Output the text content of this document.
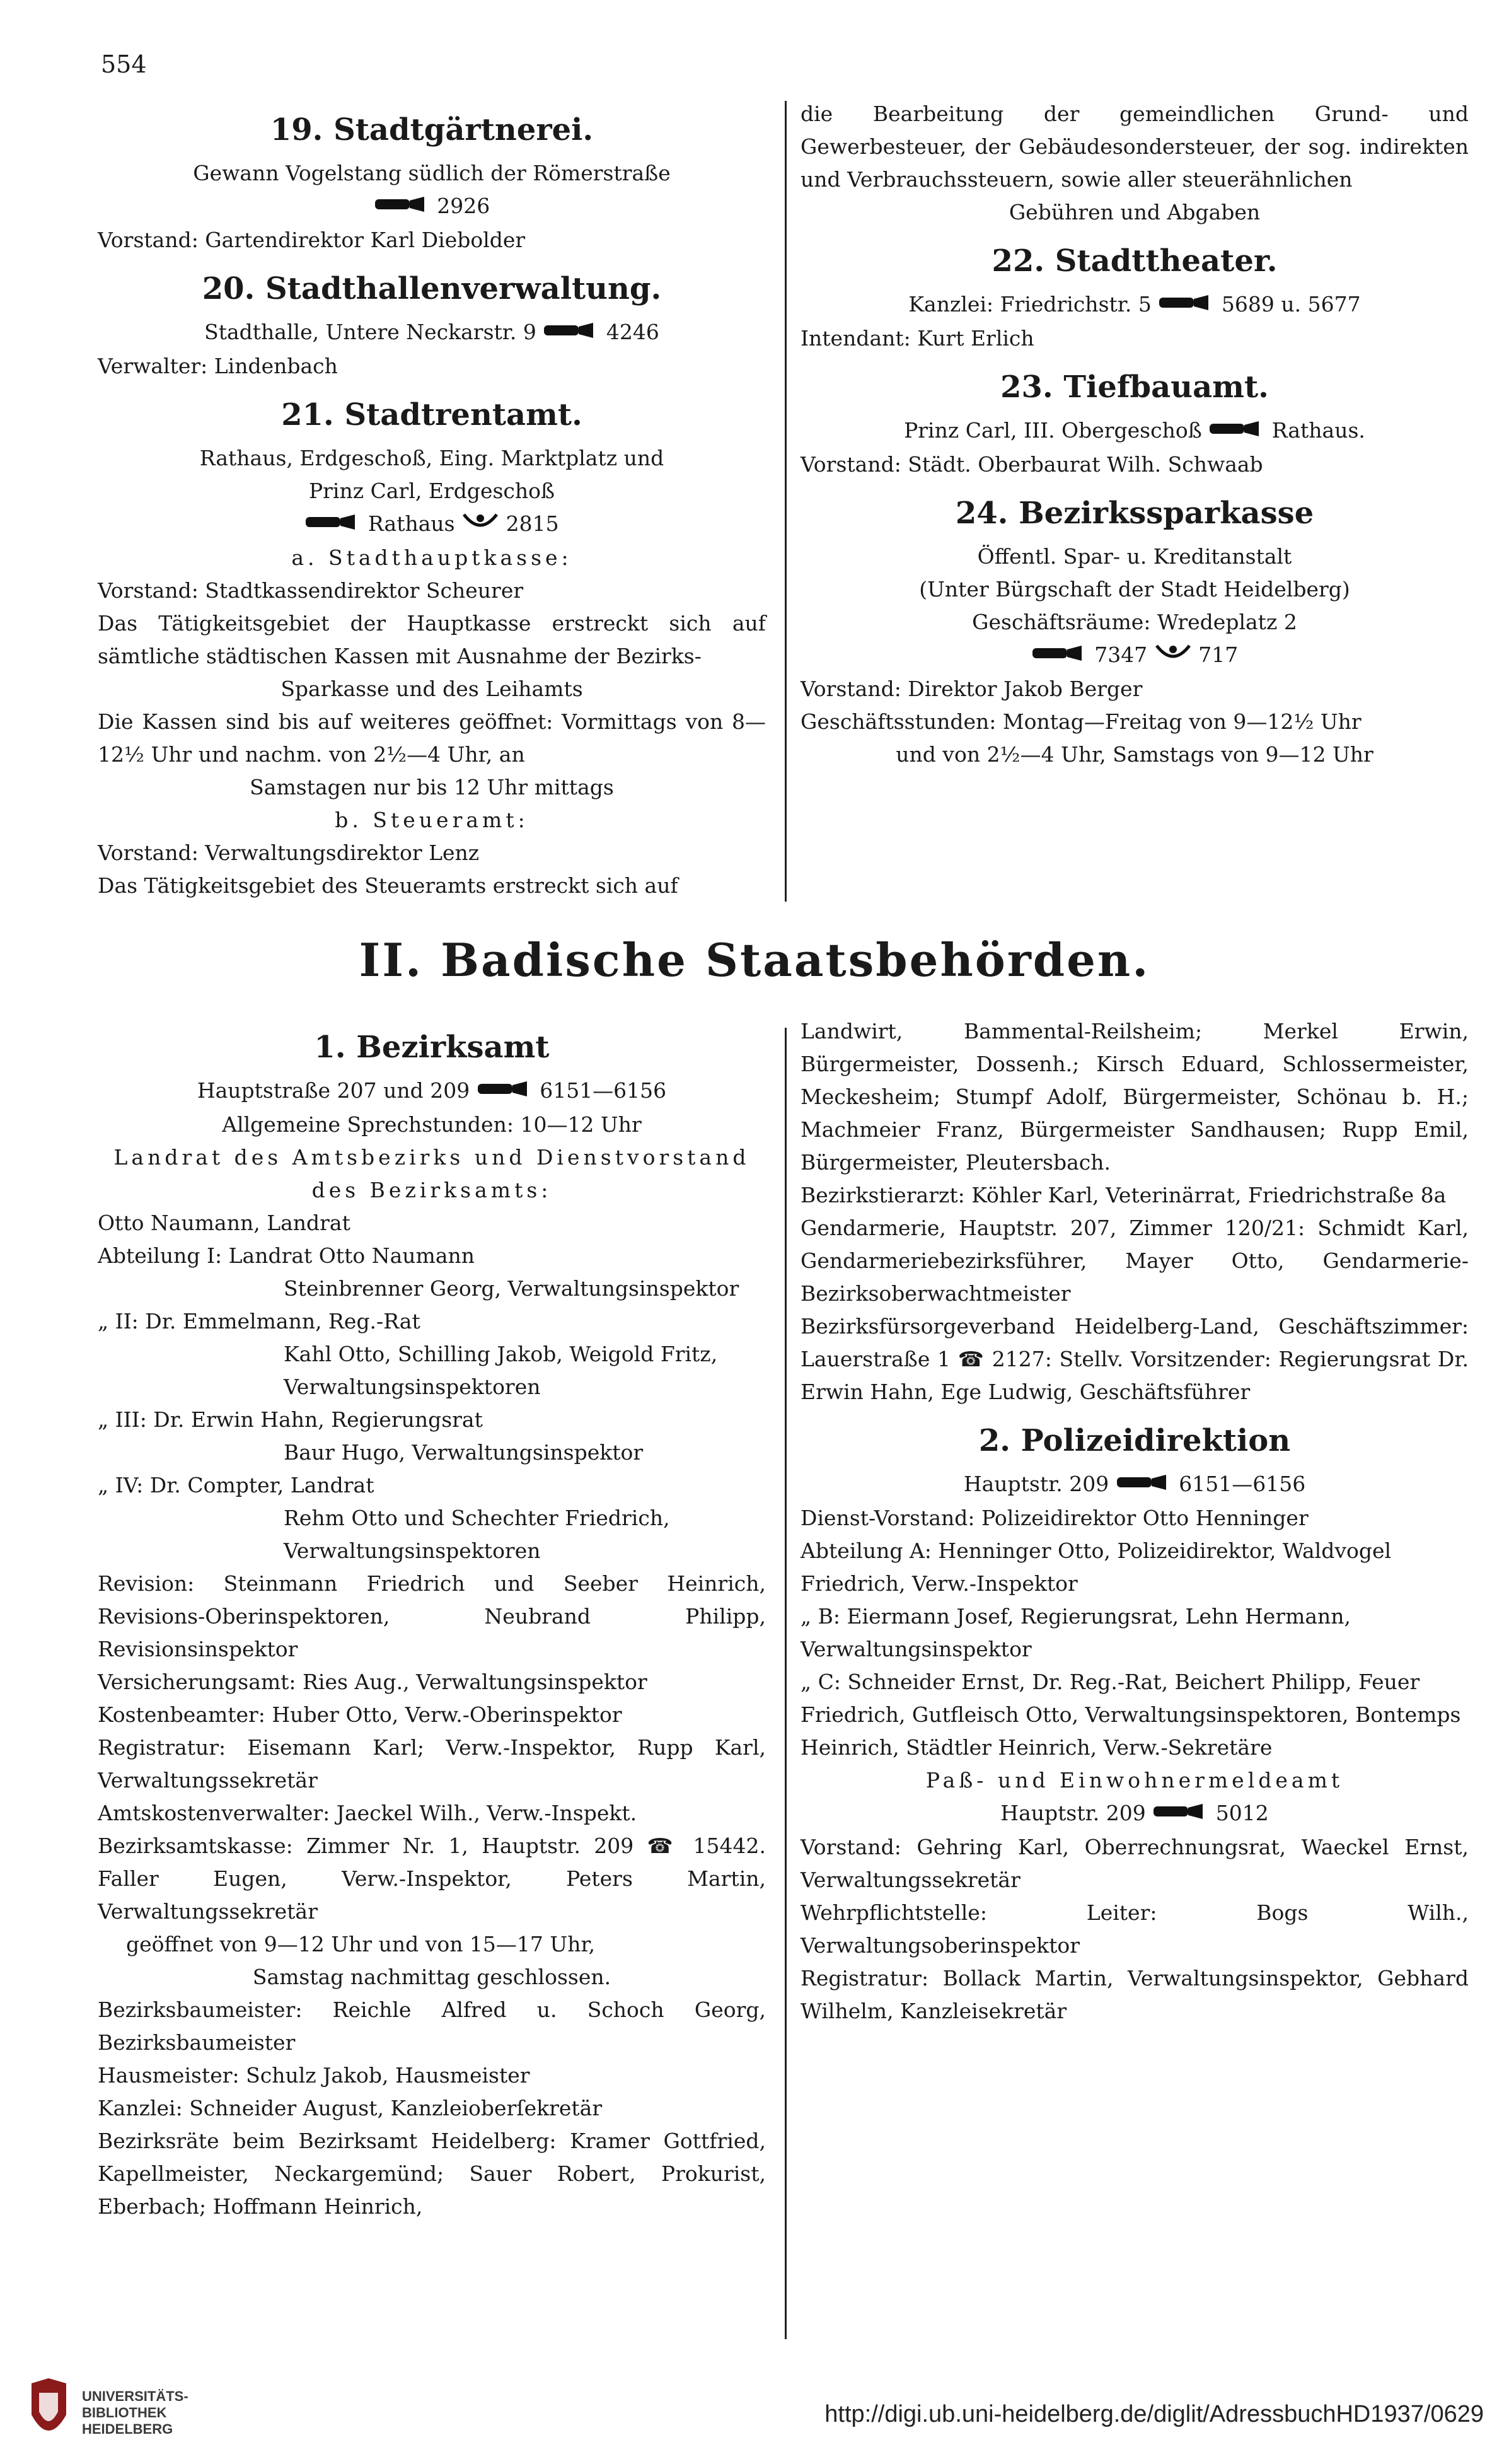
554
19. Stadtgärtnerei.
Gewann Vogelstang südlich der Römerstraße
2926
Vorstand: Gartendirektor Karl Diebolder
20. Stadthallenverwaltung.
Stadthalle, Untere Neckarstr. 9	4246
Verwalter: Lindenbach
21. Stadtrentamt.
Rathaus, Erdgeschoß, Eing. Marktplatz und
Prinz Carl, Erdgeschoß
Rathaus 2815
a. Stadthauptkasse:
Vorstand: Stadtkassendirektor Scheurer
Das Tätigkeitsgebiet der Hauptkasse erstreckt sich auf sämtliche städtischen Kassen mit Ausnahme der Bezirks-
Sparkasse und des Leihamts
Die Kassen sind bis auf weiteres geöffnet: Vormittags von 8—12½ Uhr und nachm. von 2½—4 Uhr, an
Samstagen nur bis 12 Uhr mittags
b. Steueramt:
Vorstand: Verwaltungsdirektor Lenz
Das Tätigkeitsgebiet des Steueramts erstreckt sich auf
die Bearbeitung der gemeindlichen Grund- und Gewerbesteuer, der Gebäudesondersteuer, der sog. indirekten und Verbrauchssteuern, sowie aller steuerähnlichen
Gebühren und Abgaben
22. Stadttheater.
Kanzlei: Friedrichstr. 5	5689 u. 5677
Intendant: Kurt Erlich
23. Tiefbauamt.
Prinz Carl, III. Obergeschoß	Rathaus.
Vorstand: Städt. Oberbaurat Wilh. Schwaab
24. Bezirkssparkasse
Öffentl. Spar- u. Kreditanstalt
(Unter Bürgschaft der Stadt Heidelberg)
Geschäftsräume: Wredeplatz 2
7347 717
Vorstand: Direktor Jakob Berger
Geschäftsstunden: Montag—Freitag von 9—12½ Uhr
und von 2½—4 Uhr, Samstags von 9—12 Uhr
II. Badische Staatsbehörden.
1. Bezirksamt
Hauptstraße 207 und 209	6151—6156
Allgemeine Sprechstunden: 10—12 Uhr
Landrat des Amtsbezirks und Dienstvorstand des Bezirksamts:
Otto Naumann, Landrat
Abteilung I: Landrat Otto Naumann
Steinbrenner Georg, Verwaltungsinspektor
„ II: Dr. Emmelmann, Reg.-Rat
Kahl Otto, Schilling Jakob, Weigold Fritz, Verwaltungsinspektoren
„ III: Dr. Erwin Hahn, Regierungsrat
Baur Hugo, Verwaltungsinspektor
„ IV: Dr. Compter, Landrat
Rehm Otto und Schechter Friedrich, Verwaltungsinspektoren
Revision: Steinmann Friedrich und Seeber Heinrich, Revisions-Oberinspektoren, Neubrand Philipp, Revisionsinspektor
Versicherungsamt: Ries Aug., Verwaltungsinspektor
Kostenbeamter: Huber Otto, Verw.-Oberinspektor
Registratur: Eisemann Karl; Verw.-Inspektor, Rupp Karl, Verwaltungssekretär
Amtskostenverwalter: Jaeckel Wilh., Verw.-Inspekt.
Bezirksamtskasse: Zimmer Nr. 1, Hauptstr. 209 ☎ 15442. Faller Eugen, Verw.-Inspektor, Peters Martin, Verwaltungssekretär
geöffnet von 9—12 Uhr und von 15—17 Uhr,
Samstag nachmittag geschlossen.
Bezirksbaumeister: Reichle Alfred u. Schoch Georg, Bezirksbaumeister
Hausmeister: Schulz Jakob, Hausmeister
Kanzlei: Schneider August, Kanzleioberſekretär
Bezirksräte beim Bezirksamt Heidelberg: Kramer Gottfried, Kapellmeister, Neckargemünd; Sauer Robert, Prokurist, Eberbach; Hoffmann Heinrich,
Landwirt, Bammental-Reilsheim; Merkel Erwin, Bürgermeister, Dossenh.; Kirsch Eduard, Schlossermeister, Meckesheim; Stumpf Adolf, Bürgermeister, Schönau b. H.; Machmeier Franz, Bürgermeister Sandhausen; Rupp Emil, Bürgermeister, Pleutersbach.
Bezirkstierarzt: Köhler Karl, Veterinärrat, Friedrichstraße 8a
Gendarmerie, Hauptstr. 207, Zimmer 120/21: Schmidt Karl, Gendarmeriebezirksführer, Mayer Otto, Gendarmerie-Bezirksoberwachtmeister
Bezirksfürsorgeverband Heidelberg-Land, Geschäftszimmer: Lauerstraße 1 ☎ 2127: Stellv. Vorsitzender: Regierungsrat Dr. Erwin Hahn, Ege Ludwig, Geschäftsführer
2. Polizeidirektion
Hauptstr. 209	6151—6156
Dienst-Vorstand: Polizeidirektor Otto Henninger
Abteilung A: Henninger Otto, Polizeidirektor, Waldvogel Friedrich, Verw.-Inspektor
„ B: Eiermann Josef, Regierungsrat, Lehn Hermann, Verwaltungsinspektor
„ C: Schneider Ernst, Dr. Reg.-Rat, Beichert Philipp, Feuer Friedrich, Gutfleisch Otto, Verwaltungsinspektoren, Bontemps Heinrich, Städtler Heinrich, Verw.-Sekretäre
Paß- und Einwohnermeldeamt
Hauptstr. 209	5012
Vorstand: Gehring Karl, Oberrechnungsrat, Waeckel Ernst, Verwaltungssekretär
Wehrpflichtstelle: Leiter: Bogs Wilh., Verwaltungsoberinspektor
Registratur: Bollack Martin, Verwaltungsinspektor, Gebhard Wilhelm, Kanzleisekretär
UNIVERSITÄTS-
BIBLIOTHEK
HEIDELBERG
http://digi.ub.uni-heidelberg.de/diglit/AdressbuchHD1937/0629
